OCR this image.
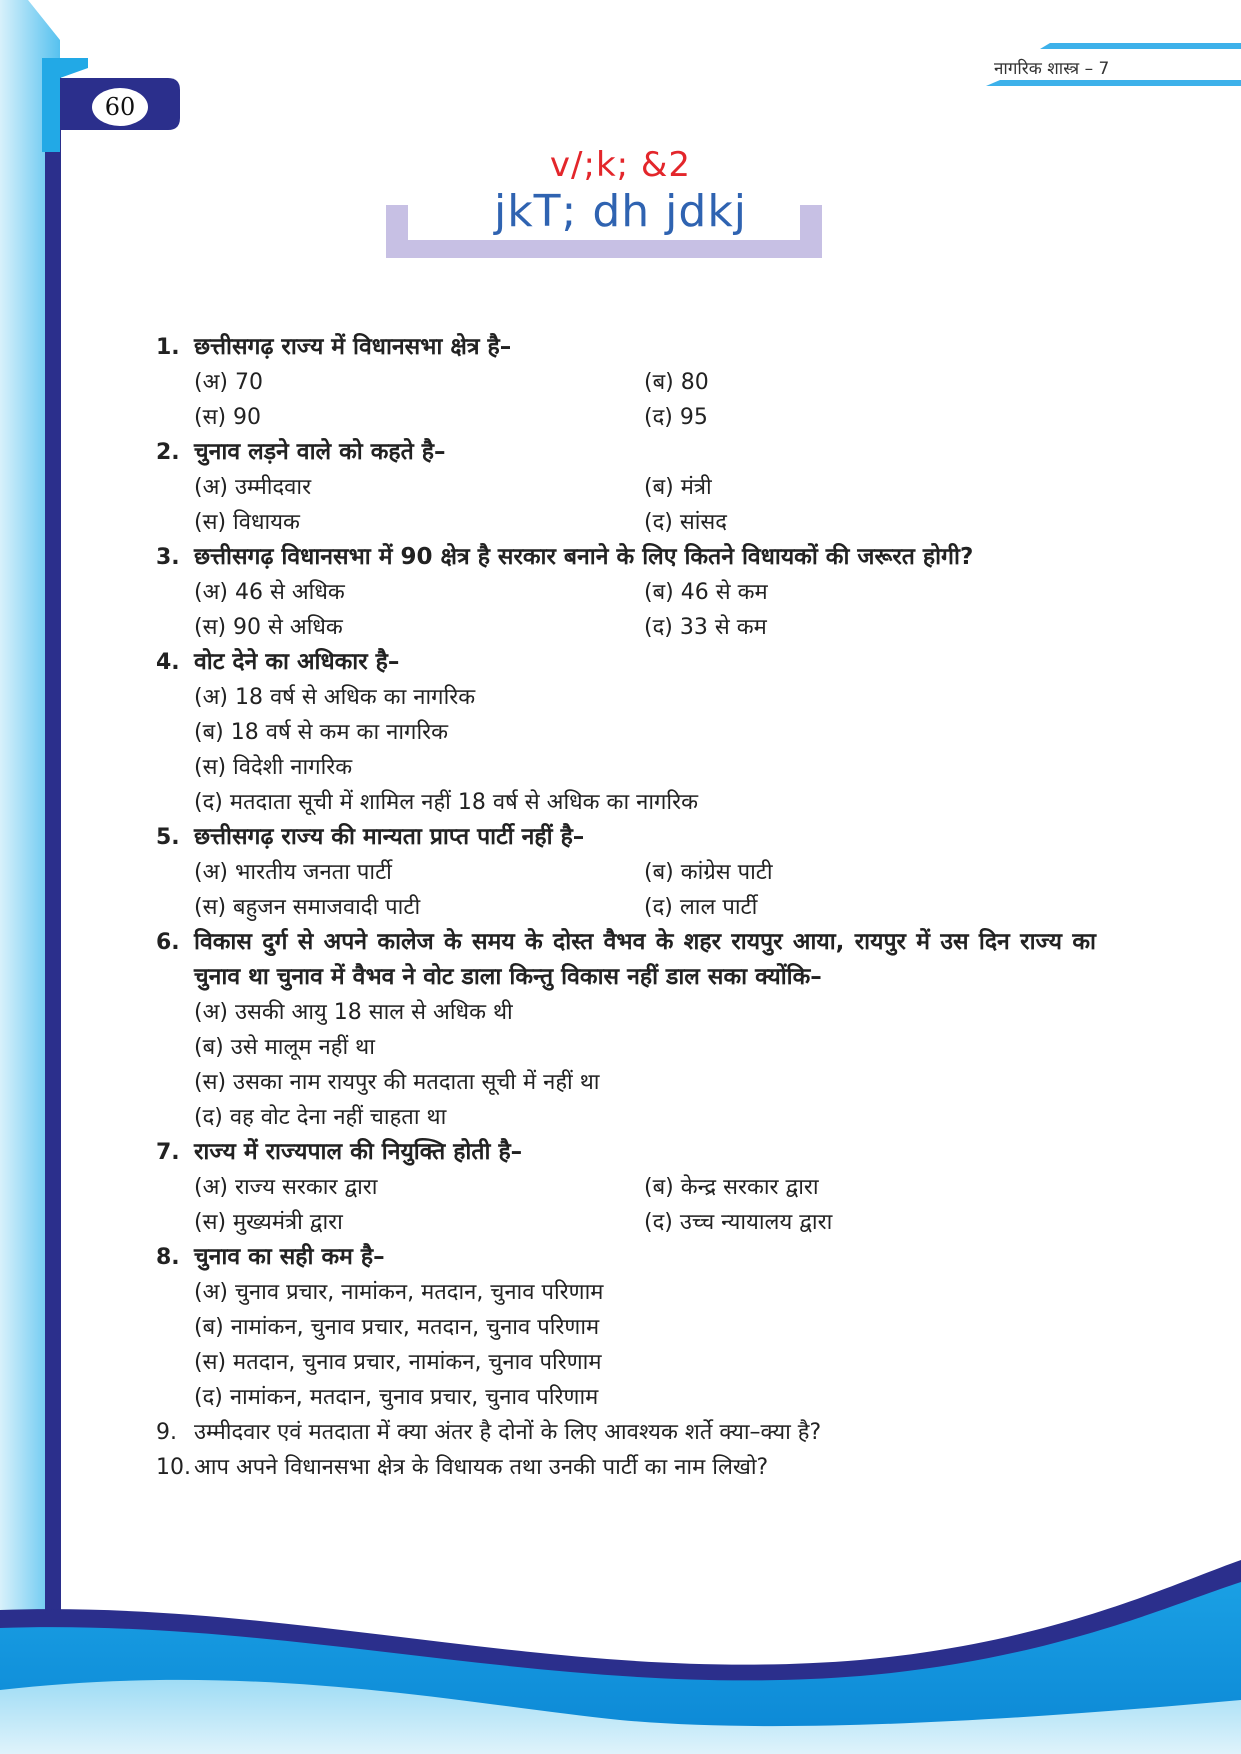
60
नागरिक शास्त्र – 7
v/;k; &2
jkT; dh jdkj
1. छत्तीसगढ़ राज्य में विधानसभा क्षेत्र है–
(अ) 70	(ब) 80
(स) 90	(द) 95
2. चुनाव लड़ने वाले को कहते है–
(अ) उम्मीदवार	(ब) मंत्री
(स) विधायक	(द) सांसद
3. छत्तीसगढ़ विधानसभा में 90 क्षेत्र है सरकार बनाने के लिए कितने विधायकों की जरूरत होगी?
(अ) 46 से अधिक	(ब) 46 से कम
(स) 90 से अधिक	(द) 33 से कम
4. वोट देने का अधिकार है–
(अ) 18 वर्ष से अधिक का नागरिक
(ब) 18 वर्ष से कम का नागरिक
(स) विदेशी नागरिक
(द) मतदाता सूची में शामिल नहीं 18 वर्ष से अधिक का नागरिक
5. छत्तीसगढ़ राज्य की मान्यता प्राप्त पार्टी नहीं है–
(अ) भारतीय जनता पार्टी	(ब) कांग्रेस पाटी
(स) बहुजन समाजवादी पाटी	(द) लाल पार्टी
6. विकास दुर्ग से अपने कालेज के समय के दोस्त वैभव के शहर रायपुर आया, रायपुर में उस दिन राज्य का चुनाव था चुनाव में वैभव ने वोट डाला किन्तु विकास नहीं डाल सका क्योंकि–
(अ) उसकी आयु 18 साल से अधिक थी
(ब) उसे मालूम नहीं था
(स) उसका नाम रायपुर की मतदाता सूची में नहीं था
(द) वह वोट देना नहीं चाहता था
7. राज्य में राज्यपाल की नियुक्ति होती है–
(अ) राज्य सरकार द्वारा	(ब) केन्द्र सरकार द्वारा
(स) मुख्यमंत्री द्वारा	(द) उच्च न्यायालय द्वारा
8. चुनाव का सही कम है–
(अ) चुनाव प्रचार, नामांकन, मतदान, चुनाव परिणाम
(ब) नामांकन, चुनाव प्रचार, मतदान, चुनाव परिणाम
(स) मतदान, चुनाव प्रचार, नामांकन, चुनाव परिणाम
(द) नामांकन, मतदान, चुनाव प्रचार, चुनाव परिणाम
9. उम्मीदवार एवं मतदाता में क्या अंतर है दोनों के लिए आवश्यक शर्ते क्या–क्या है?
10. आप अपने विधानसभा क्षेत्र के विधायक तथा उनकी पार्टी का नाम लिखो?
